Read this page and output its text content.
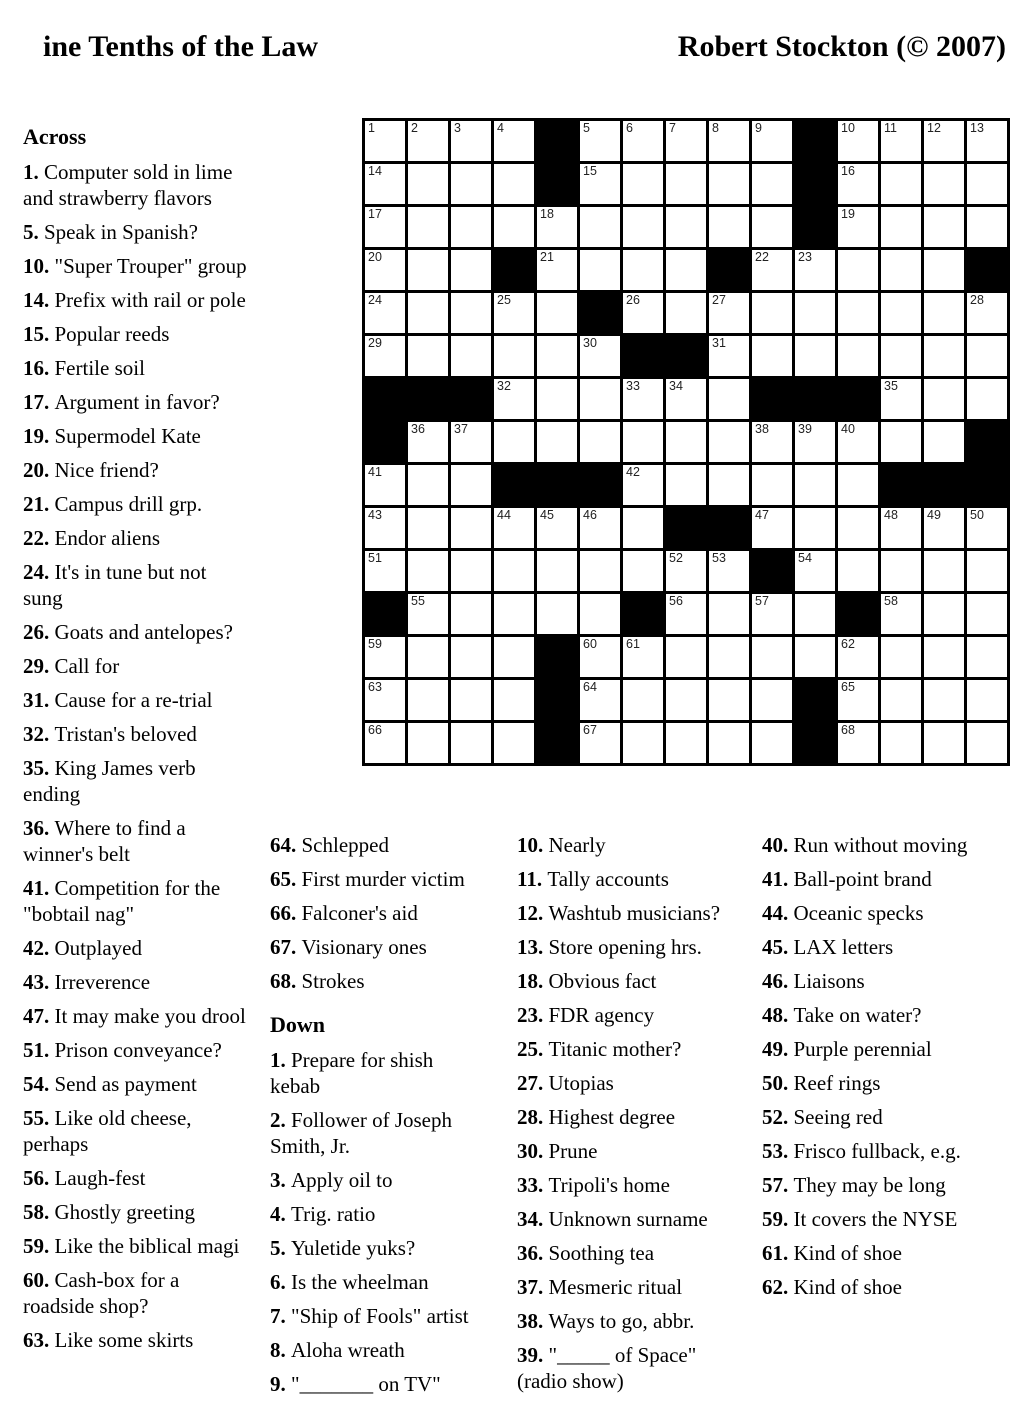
ine Tenths of the Law	Robert Stockton (© 2007)
1	2	3	4	5	6	7	8	9	10 11 12 13
14	15	16
17	18	19
20	21	22 23
24	25	26	27	28
29	30	31
32	33 34	35
36 37	38 39 40
41	42
43	44 45 46	47	48 49 50
51	52 53	54
55	56	57	58
59	60 61	62
63	64	65
66	67	68
Across

1. Computer sold in lime and strawberry flavors

5. Speak in Spanish?

10. "Super Trouper" group

14. Prefix with rail or pole

15. Popular reeds

16. Fertile soil

17. Argument in favor?

19. Supermodel Kate

20. Nice friend?

21. Campus drill grp.

22. Endor aliens

24. It's in tune but not sung

26. Goats and antelopes?

29. Call for

31. Cause for a re-trial

32. Tristan's beloved

35. King James verb ending

36. Where to find a winner's belt

41. Competition for the "bobtail nag"

42. Outplayed

43. Irreverence

47. It may make you drool

51. Prison conveyance?

54. Send as payment

55. Like old cheese, perhaps

56. Laugh-fest

58. Ghostly greeting

59. Like the biblical magi

60. Cash-box for a roadside shop?

63. Like some skirts

64. Schlepped

65. First murder victim

66. Falconer's aid

67. Visionary ones

68. Strokes

Down

1. Prepare for shish kebab

2. Follower of Joseph Smith, Jr.

3. Apply oil to

4. Trig. ratio

5. Yuletide yuks?

6. Is the wheelman

7. "Ship of Fools" artist

8. Aloha wreath

9. "_______ on TV"

10. Nearly

11. Tally accounts

12. Washtub musicians?

13. Store opening hrs.

18. Obvious fact

23. FDR agency

25. Titanic mother?

27. Utopias

28. Highest degree

30. Prune

33. Tripoli's home

34. Unknown surname

36. Soothing tea

37. Mesmeric ritual

38. Ways to go, abbr.

39. "_____ of Space" (radio show)

40. Run without moving

41. Ball-point brand

44. Oceanic specks

45. LAX letters

46. Liaisons

48. Take on water?

49. Purple perennial

50. Reef rings

52. Seeing red

53. Frisco fullback, e.g.

57. They may be long

59. It covers the NYSE

61. Kind of shoe

62. Kind of shoe
